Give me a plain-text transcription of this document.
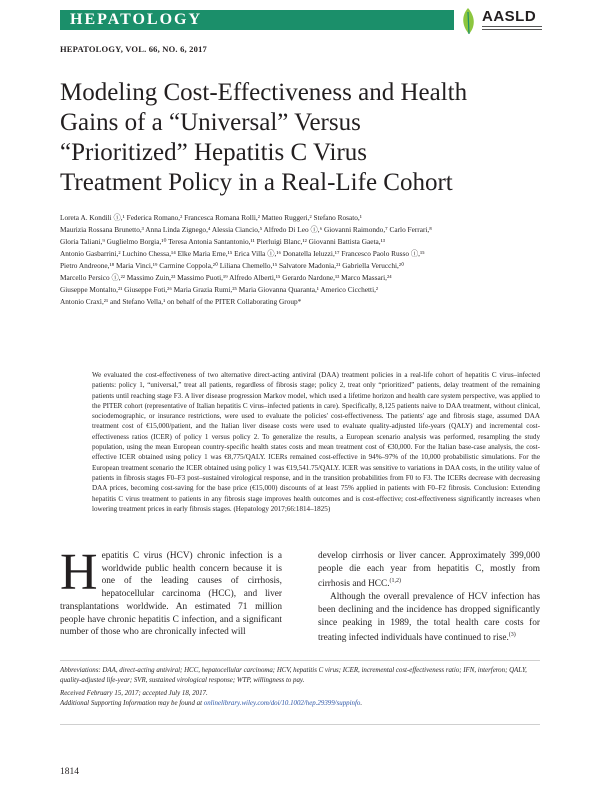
HEPATOLOGY	AASLD
HEPATOLOGY, VOL. 66, NO. 6, 2017
Modeling Cost-Effectiveness and Health
Gains of a “Universal” Versus
“Prioritized” Hepatitis C Virus
Treatment Policy in a Real-Life Cohort
Loreta A. Kondili ⓘ,¹ Federica Romano,² Francesca Romana Rolli,² Matteo Ruggeri,² Stefano Rosato,¹
Maurizia Rossana Brunetto,³ Anna Linda Zignego,⁴ Alessia Ciancio,⁵ Alfredo Di Leo ⓘ,⁶ Giovanni Raimondo,⁷ Carlo Ferrari,⁸
Gloria Taliani,⁹ Guglielmo Borgia,¹⁰ Teresa Antonia Santantonio,¹¹ Pierluigi Blanc,¹² Giovanni Battista Gaeta,¹³
Antonio Gasbarrini,² Luchino Chessa,¹⁴ Elke Maria Erne,¹⁵ Erica Villa ⓘ,¹⁶ Donatella Ieluzzi,¹⁷ Francesco Paolo Russo ⓘ,¹⁵
Pietro Andreone,¹⁸ Maria Vinci,¹⁹ Carmine Coppola,²⁰ Liliana Chemello,¹⁵ Salvatore Madonia,²¹ Gabriella Verucchi,²⁰
Marcello Persico ⓘ,²² Massimo Zuin,²³ Massimo Puoti,¹⁹ Alfredo Alberti,¹⁵ Gerardo Nardone,¹³ Marco Massari,²⁴
Giuseppe Montalto,²¹ Giuseppe Foti,²⁶ Maria Grazia Rumi,²⁵ Maria Giovanna Quaranta,¹ Americo Cicchetti,²
Antonio Craxì,²¹ and Stefano Vella,¹ on behalf of the PITER Collaborating Group*
We evaluated the cost-effectiveness of two alternative direct-acting antiviral (DAA) treatment policies in a real-life cohort of hepatitis C virus–infected patients: policy 1, “universal,” treat all patients, regardless of fibrosis stage; policy 2, treat only “prioritized” patients, delay treatment of the remaining patients until reaching stage F3. A liver disease progression Markov model, which used a lifetime horizon and health care system perspective, was applied to the PITER cohort (representative of Italian hepatitis C virus–infected patients in care). Specifically, 8,125 patients naive to DAA treatment, without clinical, sociodemographic, or insurance restrictions, were used to evaluate the policies' cost-effectiveness. The patients' age and fibrosis stage, assumed DAA treatment cost of €15,000/patient, and the Italian liver disease costs were used to evaluate quality-adjusted life-years (QALY) and incremental cost-effectiveness ratios (ICER) of policy 1 versus policy 2. To generalize the results, a European scenario analysis was performed, resampling the study population, using the mean European country-specific health states costs and mean treatment cost of €30,000. For the Italian base-case analysis, the cost-effective ICER obtained using policy 1 was €8,775/QALY. ICERs remained cost-effective in 94%–97% of the 10,000 probabilistic simulations. For the European treatment scenario the ICER obtained using policy 1 was €19,541.75/QALY. ICER was sensitive to variations in DAA costs, in the utility value of patients in fibrosis stages F0–F3 post–sustained virological response, and in the transition probabilities from F0 to F3. The ICERs decrease with decreasing DAA prices, becoming cost-saving for the base price (€15,000) discounts of at least 75% applied in patients with F0–F2 fibrosis. Conclusion: Extending hepatitis C virus treatment to patients in any fibrosis stage improves health outcomes and is cost-effective; cost-effectiveness significantly increases when lowering treatment prices in early fibrosis stages. (Hepatology 2017;66:1814–1825)
H epatitis C virus (HCV) chronic infection is a worldwide public health concern because it is one of the leading causes of cirrhosis, hepatocellular carcinoma (HCC), and liver transplantations worldwide. An estimated 71 million people have chronic hepatitis C infection, and a significant number of those who are chronically infected will

develop cirrhosis or liver cancer. Approximately 399,000 people die each year from hepatitis C, mostly from cirrhosis and HCC.$^{(1,2)}$

Although the overall prevalence of HCV infection has been declining and the incidence has dropped significantly since peaking in 1989, the total health care costs for treating infected individuals have continued to rise.$^{(3)}$

Abbreviations: DAA, direct-acting antiviral; HCC, hepatocellular carcinoma; HCV, hepatitis C virus; ICER, incremental cost-effectiveness ratio; IFN, interferon; QALY, quality-adjusted life-year; SVR, sustained virological response; WTP, willingness to pay.

Received February 15, 2017; accepted July 18, 2017.

Additional Supporting Information may be found at onlinelibrary.wiley.com/doi/10.1002/hep.29399/suppinfo.

1814
